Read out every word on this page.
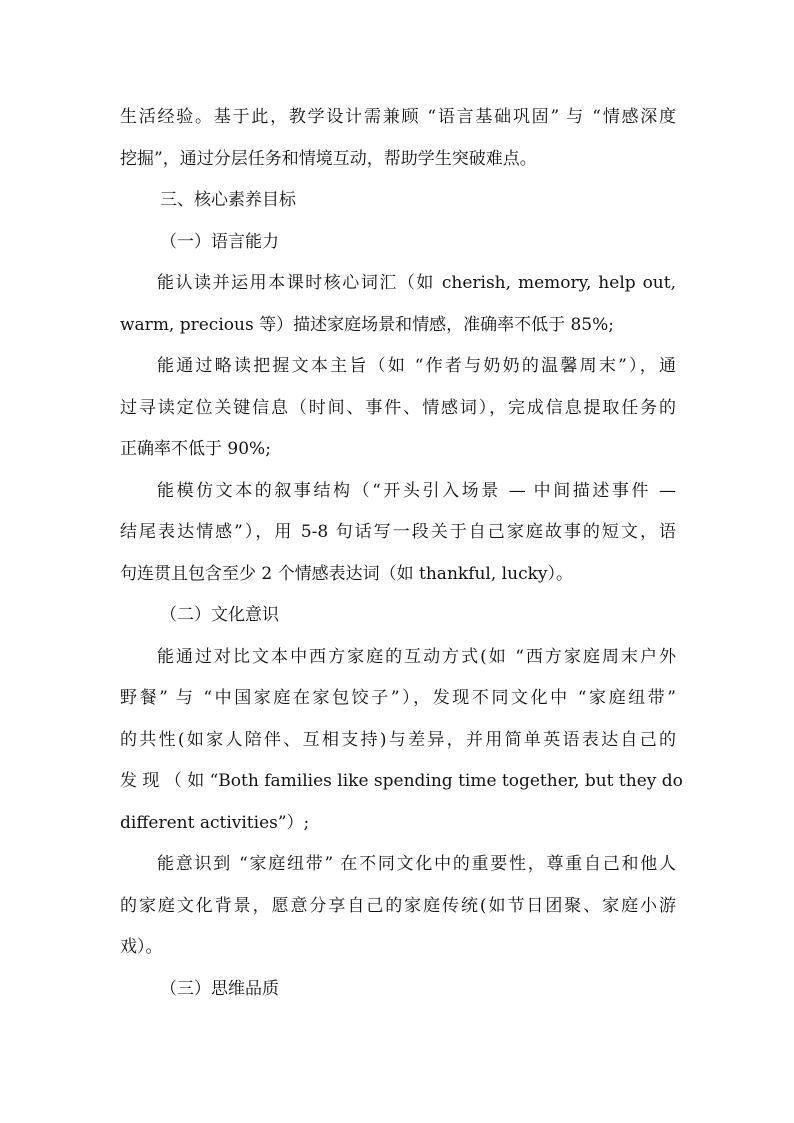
生活经验。基于此，教学设计需兼顾 “语言基础巩固” 与 “情感深度
挖掘”，通过分层任务和情境互动，帮助学生突破难点。
三、核心素养目标
（一）语言能力
能认读并运用本课时核心词汇（如 cherish, memory, help out,
warm, precious 等）描述家庭场景和情感，准确率不低于 85%;
能通过略读把握文本主旨（如 “作者与奶奶的温馨周末”），通
过寻读定位关键信息（时间、事件、情感词），完成信息提取任务的
正确率不低于 90%;
能模仿文本的叙事结构（“开头引入场景 — 中间描述事件 —
结尾表达情感”），用 5-8 句话写一段关于自己家庭故事的短文，语
句连贯且包含至少 2 个情感表达词（如 thankful, lucky）。
（二）文化意识
能通过对比文本中西方家庭的互动方式(如 “西方家庭周末户外
野餐” 与 “中国家庭在家包饺子”），发现不同文化中 “家庭纽带”
的共性(如家人陪伴、互相支持)与差异，并用简单英语表达自己的
发 现 （ 如 “Both families like spending time together, but they do
different activities”）;
能意识到 “家庭纽带” 在不同文化中的重要性，尊重自己和他人
的家庭文化背景，愿意分享自己的家庭传统(如节日团聚、家庭小游
戏）。
（三）思维品质
